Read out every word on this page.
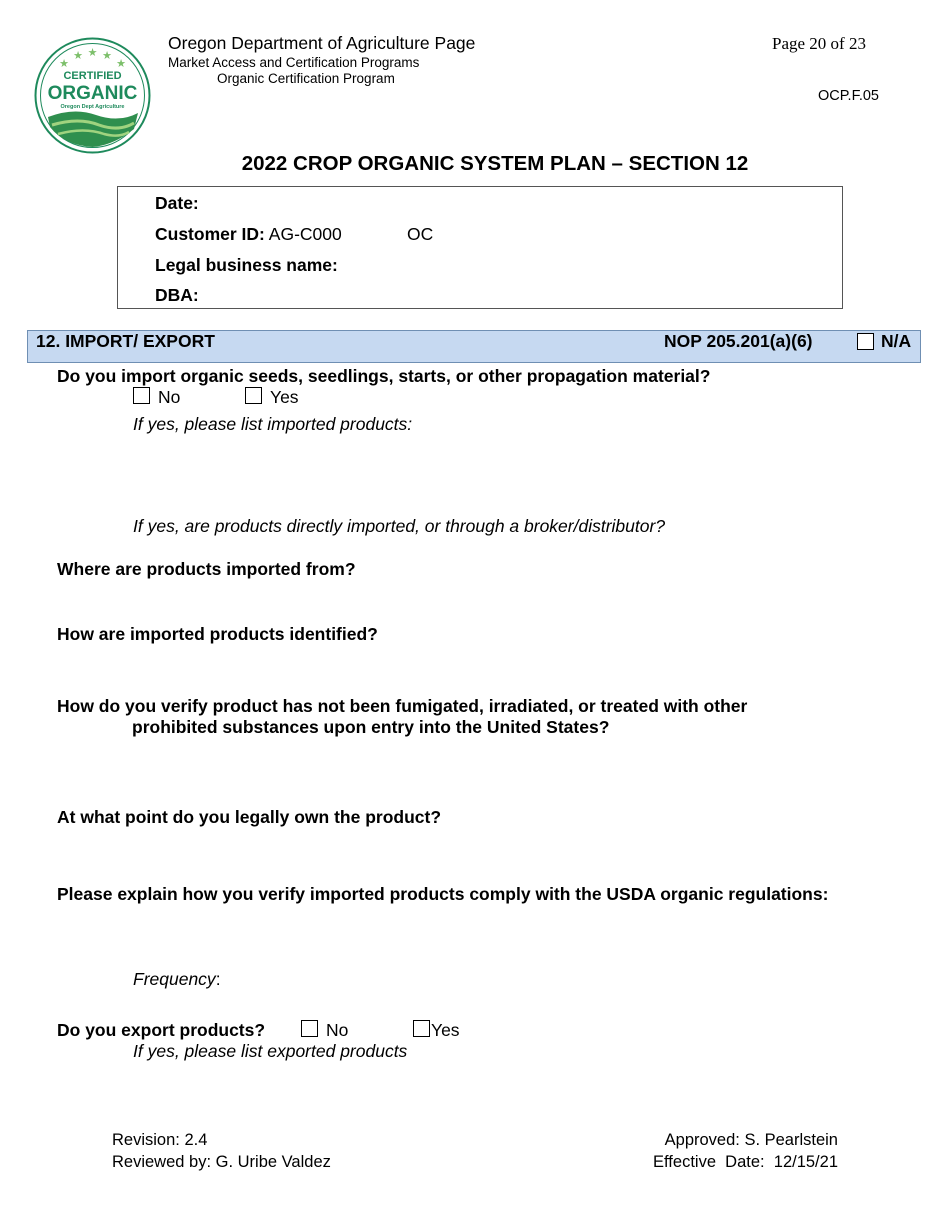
★
★ ★ ★
★
CERTIFIED
ORGANIC
Oregon Dept Agriculture
Oregon Department of Agriculture Page
Market Access and Certification Programs
Organic Certification Program
Page 20 of 23
OCP.F.05
2022 CROP ORGANIC SYSTEM PLAN – SECTION 12
Date:
Customer ID: AG-C000	OC
Legal business name:
DBA:
12. IMPORT/ EXPORT	NOP 205.201(a)(6)	N/A
Do you import organic seeds, seedlings, starts, or other propagation material?
No	Yes
If yes, please list imported products:
If yes, are products directly imported, or through a broker/distributor?
Where are products imported from?
How are imported products identified?
How do you verify product has not been fumigated, irradiated, or treated with other
prohibited substances upon entry into the United States?
At what point do you legally own the product?
Please explain how you verify imported products comply with the USDA organic regulations:
Frequency:
Do you export products?	No	Yes
If yes, please list exported products
Revision: 2.4
Reviewed by: G. Uribe Valdez
Approved: S. Pearlstein
Effective  Date:  12/15/21
